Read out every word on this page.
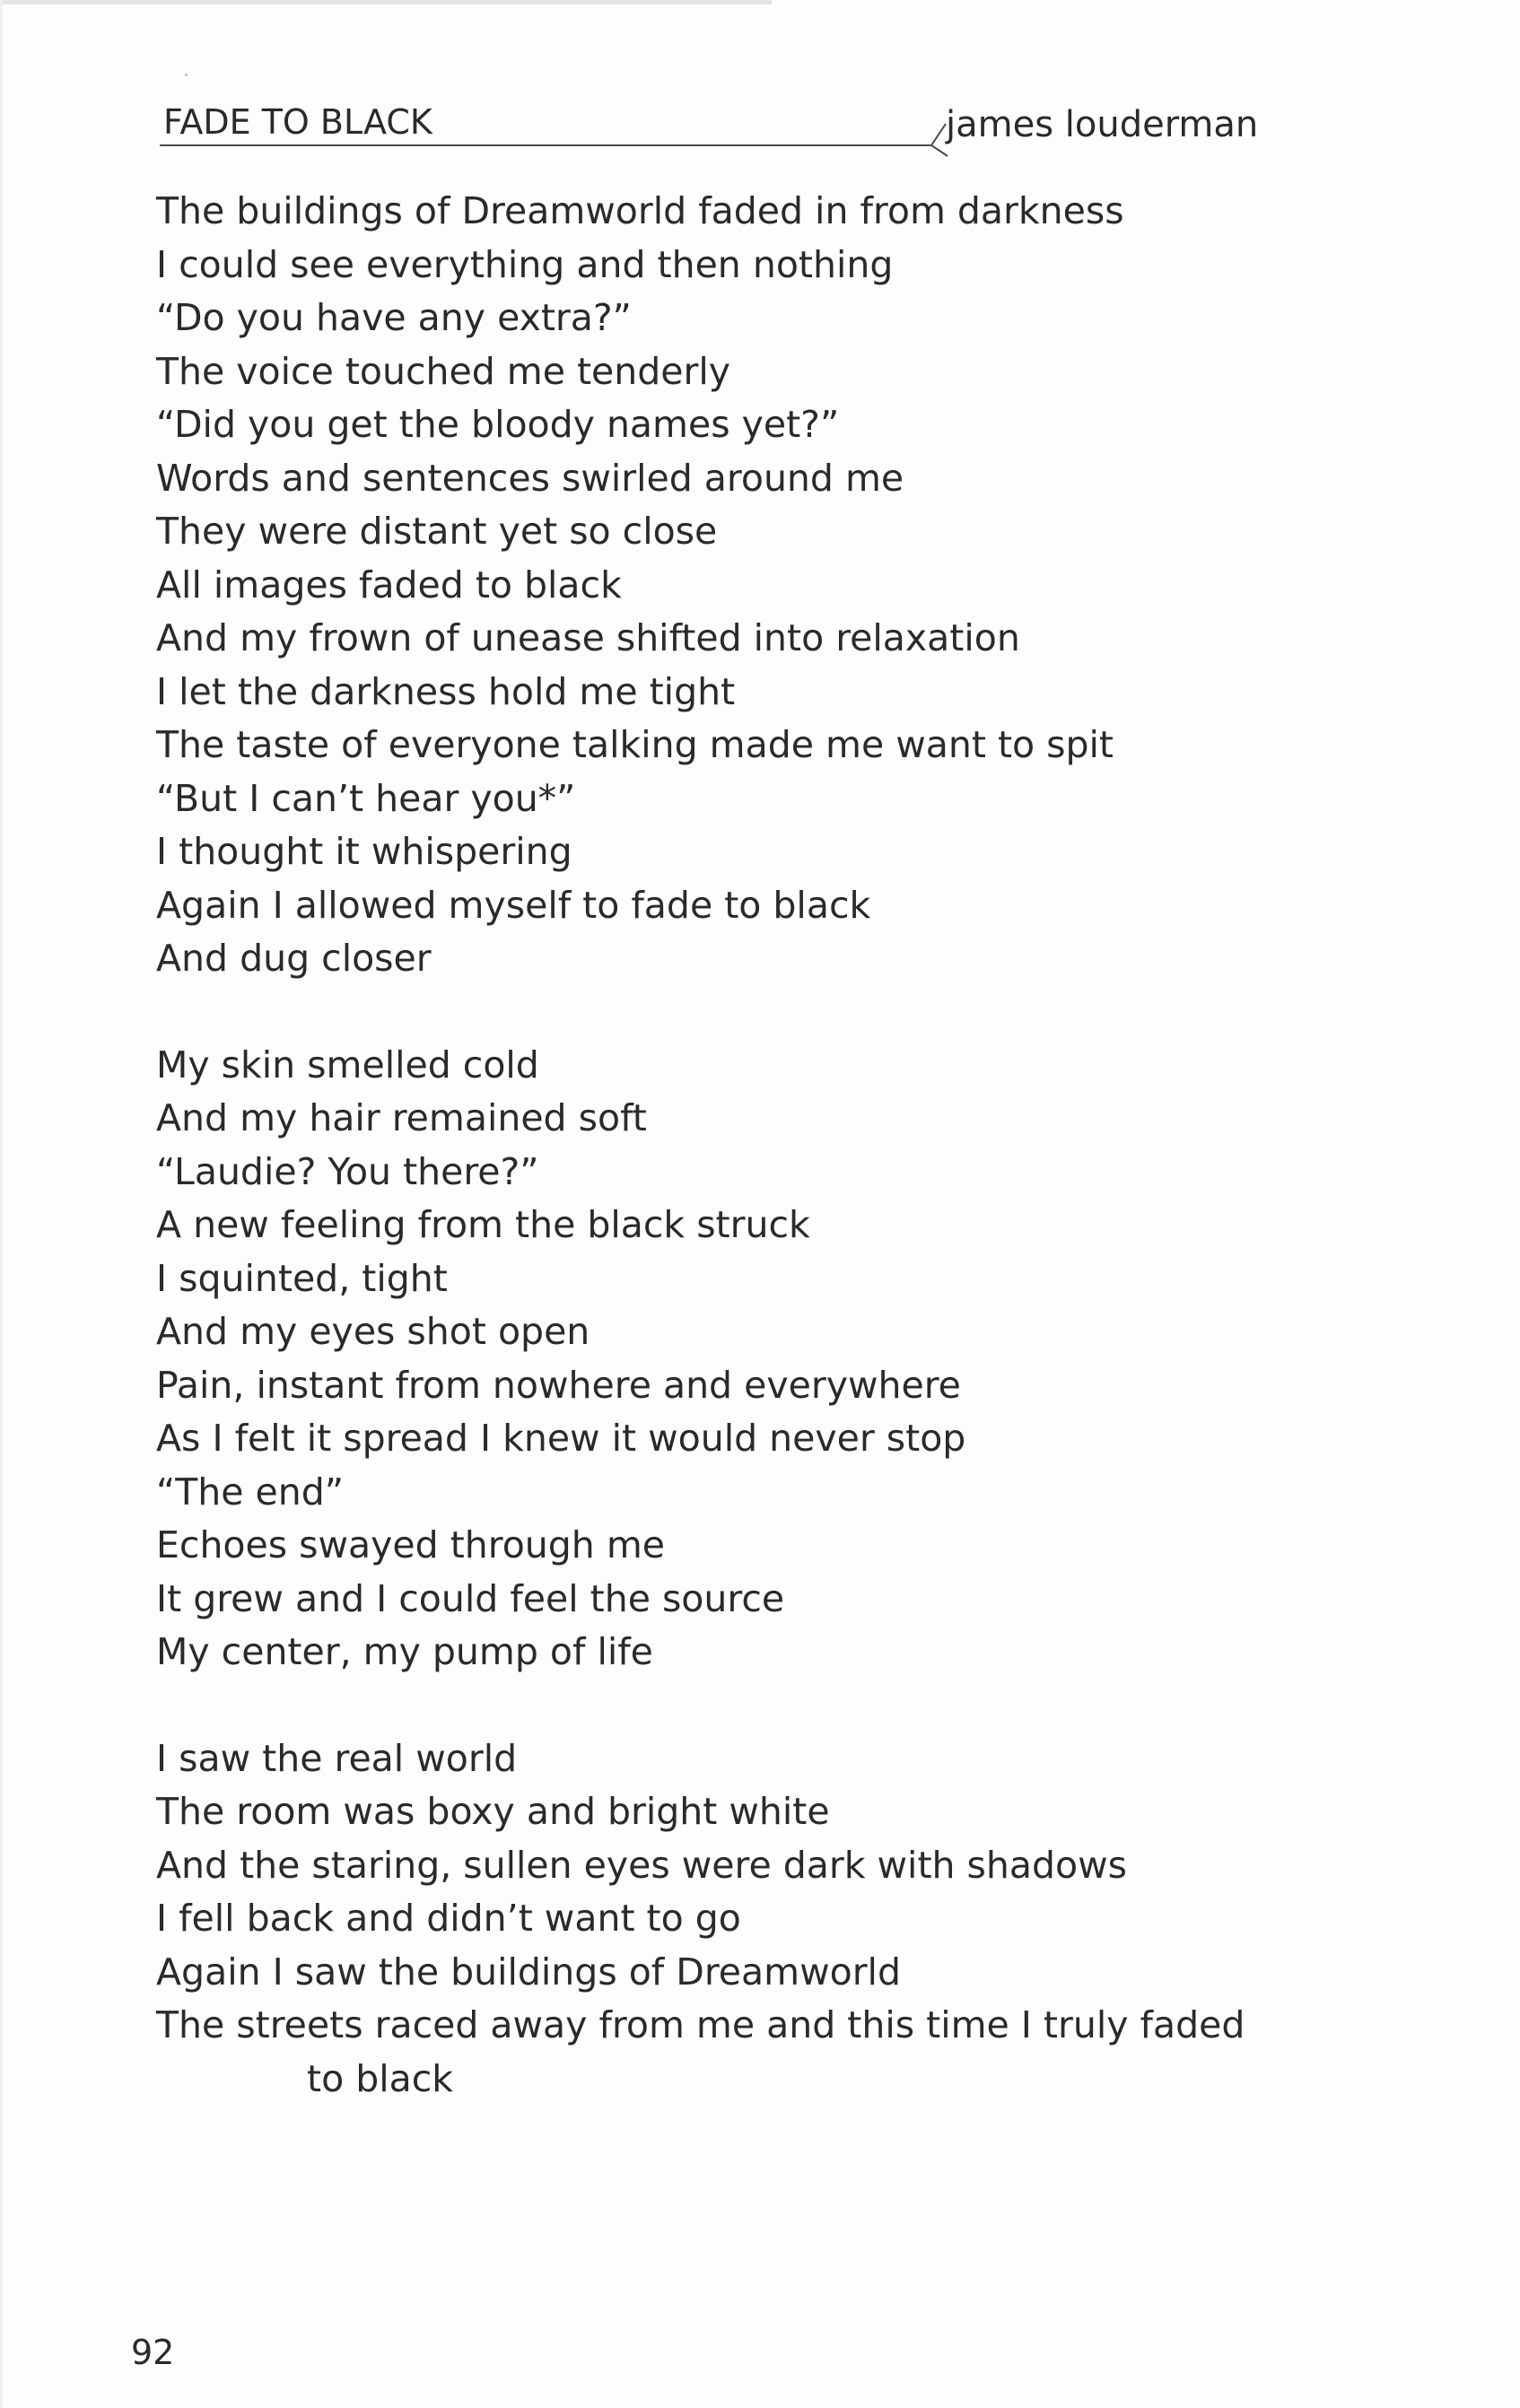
FADE TO BLACK	james louderman
The buildings of Dreamworld faded in from darkness
I could see everything and then nothing
“Do you have any extra?”
The voice touched me tenderly
“Did you get the bloody names yet?”
Words and sentences swirled around me
They were distant yet so close
All images faded to black
And my frown of unease shifted into relaxation
I let the darkness hold me tight
The taste of everyone talking made me want to spit
“But I can’t hear you*”
I thought it whispering
Again I allowed myself to fade to black
And dug closer
My skin smelled cold
And my hair remained soft
“Laudie? You there?”
A new feeling from the black struck
I squinted, tight
And my eyes shot open
Pain, instant from nowhere and everywhere
As I felt it spread I knew it would never stop
“The end”
Echoes swayed through me
It grew and I could feel the source
My center, my pump of life
I saw the real world
The room was boxy and bright white
And the staring, sullen eyes were dark with shadows
I fell back and didn’t want to go
Again I saw the buildings of Dreamworld
The streets raced away from me and this time I truly faded
to black
92
